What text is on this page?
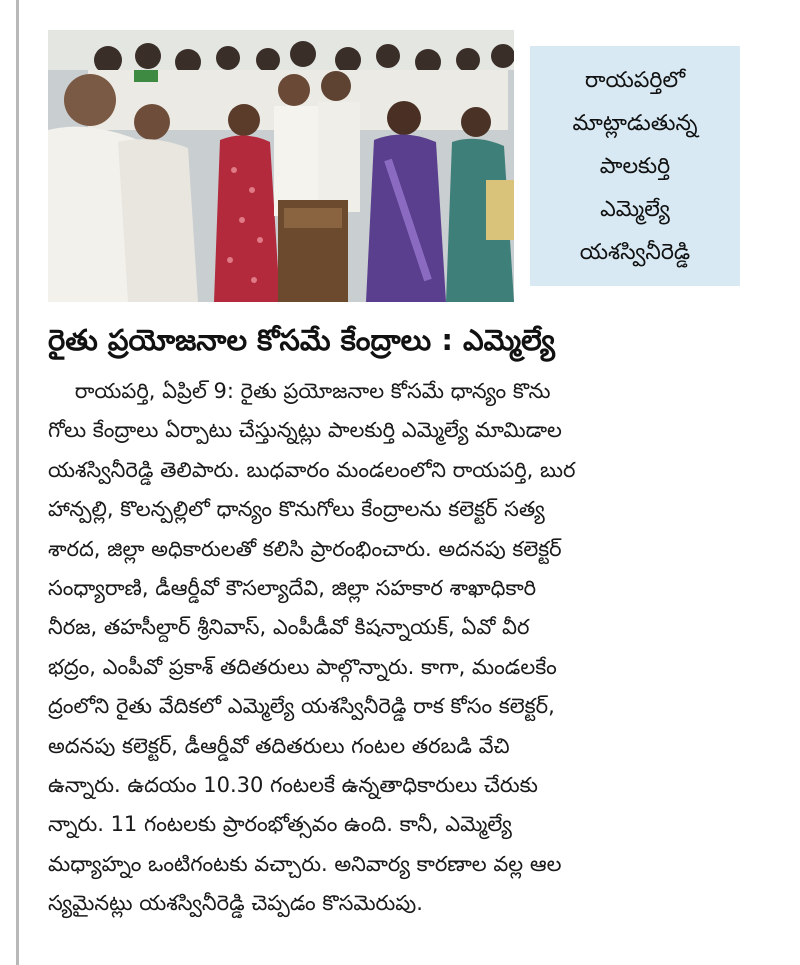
రాయపర్తిలో
మాట్లాడుతున్న
పాలకుర్తి
ఎమ్మెల్యే
యశస్వినీరెడ్డి
రైతు ప్రయోజనాల కోసమే కేంద్రాలు : ఎమ్మెల్యే
రాయపర్తి, ఏప్రిల్ 9: రైతు ప్రయోజనాల కోసమే ధాన్యం కొను
గోలు కేంద్రాలు ఏర్పాటు చేస్తున్నట్లు పాలకుర్తి ఎమ్మెల్యే మామిడాల
యశస్వినీరెడ్డి తెలిపారు. బుధవారం మండలంలోని రాయపర్తి, బుర
హాన్పల్లి, కొలన్పల్లిలో ధాన్యం కొనుగోలు కేంద్రాలను కలెక్టర్ సత్య
శారద, జిల్లా అధికారులతో కలిసి ప్రారంభించారు. అదనపు కలెక్టర్
సంధ్యారాణి, డీఆర్డీవో కౌసల్యాదేవి, జిల్లా సహకార శాఖాధికారి
నీరజ, తహసీల్దార్ శ్రీనివాస్, ఎంపీడీవో కిషన్నాయక్, ఏవో వీర
భద్రం, ఎంపీవో ప్రకాశ్ తదితరులు పాల్గొన్నారు. కాగా, మండలకేం
ద్రంలోని రైతు వేదికలో ఎమ్మెల్యే యశస్వినీరెడ్డి రాక కోసం కలెక్టర్,
అదనపు కలెక్టర్, డీఆర్డీవో తదితరులు గంటల తరబడి వేచి
ఉన్నారు. ఉదయం 10.30 గంటలకే ఉన్నతాధికారులు చేరుకు
న్నారు. 11 గంటలకు ప్రారంభోత్సవం ఉంది. కానీ, ఎమ్మెల్యే
మధ్యాహ్నం ఒంటిగంటకు వచ్చారు. అనివార్య కారణాల వల్ల ఆల
స్యమైనట్లు యశస్వినీరెడ్డి చెప్పడం కొసమెరుపు.
